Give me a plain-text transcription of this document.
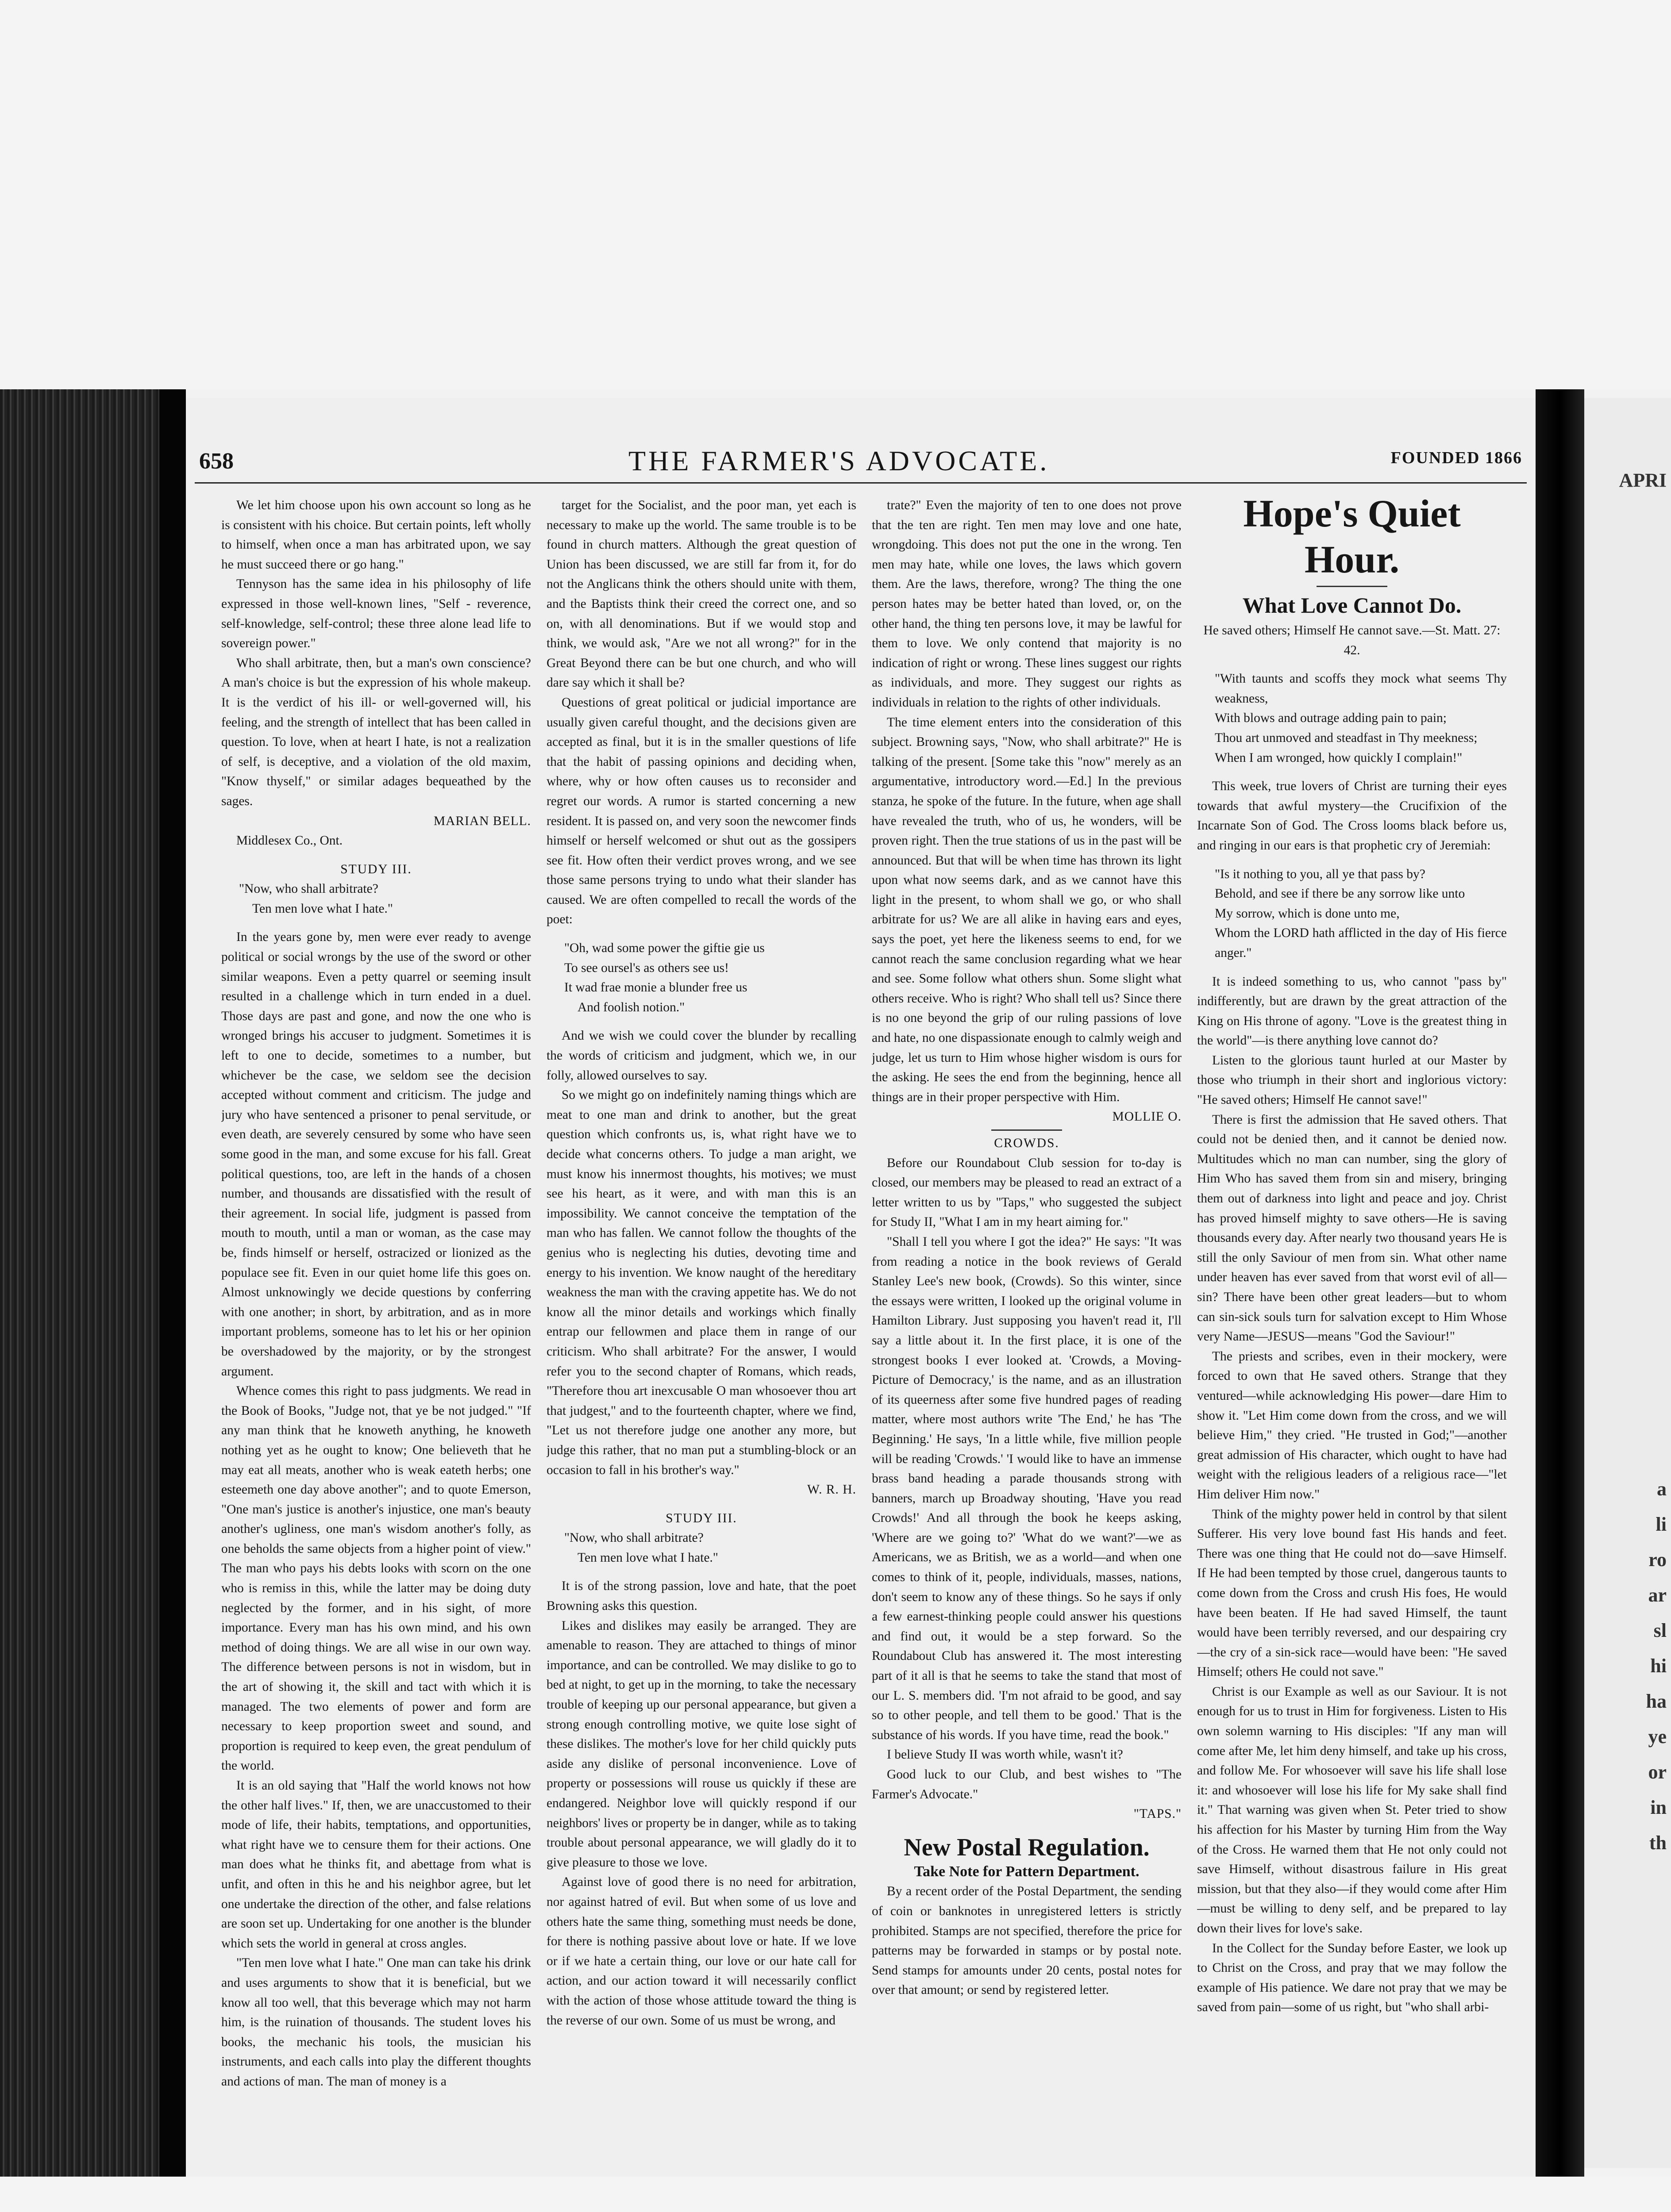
658	THE FARMER'S ADVOCATE.	FOUNDED 1866

We let him choose upon his own account so long as he is consistent with his choice. But certain points, left wholly to himself, when once a man has arbitrated upon, we say he must succeed there or go hang."

Tennyson has the same idea in his philosophy of life expressed in those well-known lines, "Self - reverence, self-knowledge, self-control; these three alone lead life to sovereign power."

Who shall arbitrate, then, but a man's own conscience? A man's choice is but the expression of his whole makeup. It is the verdict of his ill- or well-governed will, his feeling, and the strength of intellect that has been called in question. To love, when at heart I hate, is not a realization of self, is deceptive, and a violation of the old maxim, "Know thyself," or similar adages bequeathed by the sages.

MARIAN BELL.

Middlesex Co., Ont.

STUDY III.

"Now, who shall arbitrate?

Ten men love what I hate."

In the years gone by, men were ever ready to avenge political or social wrongs by the use of the sword or other similar weapons. Even a petty quarrel or seeming insult resulted in a challenge which in turn ended in a duel. Those days are past and gone, and now the one who is wronged brings his accuser to judgment. Sometimes it is left to one to decide, sometimes to a number, but whichever be the case, we seldom see the decision accepted without comment and criticism. The judge and jury who have sentenced a prisoner to penal servitude, or even death, are severely censured by some who have seen some good in the man, and some excuse for his fall. Great political questions, too, are left in the hands of a chosen number, and thousands are dissatisfied with the result of their agreement. In social life, judgment is passed from mouth to mouth, until a man or woman, as the case may be, finds himself or herself, ostracized or lionized as the populace see fit. Even in our quiet home life this goes on. Almost unknowingly we decide questions by conferring with one another; in short, by arbitration, and as in more important problems, someone has to let his or her opinion be overshadowed by the majority, or by the strongest argument.

Whence comes this right to pass judgments. We read in the Book of Books, "Judge not, that ye be not judged." "If any man think that he knoweth anything, he knoweth nothing yet as he ought to know; One believeth that he may eat all meats, another who is weak eateth herbs; one esteemeth one day above another"; and to quote Emerson, "One man's justice is another's injustice, one man's beauty another's ugliness, one man's wisdom another's folly, as one beholds the same objects from a higher point of view." The man who pays his debts looks with scorn on the one who is remiss in this, while the latter may be doing duty neglected by the former, and in his sight, of more importance. Every man has his own mind, and his own method of doing things. We are all wise in our own way. The difference between persons is not in wisdom, but in the art of showing it, the skill and tact with which it is managed. The two elements of power and form are necessary to keep proportion sweet and sound, and proportion is required to keep even, the great pendulum of the world.

It is an old saying that "Half the world knows not how the other half lives." If, then, we are unaccustomed to their mode of life, their habits, temptations, and opportunities, what right have we to censure them for their actions. One man does what he thinks fit, and abettage from what is unfit, and often in this he and his neighbor agree, but let one undertake the direction of the other, and false relations are soon set up. Undertaking for one another is the blunder which sets the world in general at cross angles.

"Ten men love what I hate." One man can take his drink and uses arguments to show that it is beneficial, but we know all too well, that this beverage which may not harm him, is the ruination of thousands. The student loves his books, the mechanic his tools, the musician his instruments, and each calls into play the different thoughts and actions of man. The man of money is a

target for the Socialist, and the poor man, yet each is necessary to make up the world. The same trouble is to be found in church matters. Although the great question of Union has been discussed, we are still far from it, for do not the Anglicans think the others should unite with them, and the Baptists think their creed the correct one, and so on, with all denominations. But if we would stop and think, we would ask, "Are we not all wrong?" for in the Great Beyond there can be but one church, and who will dare say which it shall be?

Questions of great political or judicial importance are usually given careful thought, and the decisions given are accepted as final, but it is in the smaller questions of life that the habit of passing opinions and deciding when, where, why or how often causes us to reconsider and regret our words. A rumor is started concerning a new resident. It is passed on, and very soon the newcomer finds himself or herself welcomed or shut out as the gossipers see fit. How often their verdict proves wrong, and we see those same persons trying to undo what their slander has caused. We are often compelled to recall the words of the poet:

"Oh, wad some power the giftie gie us

To see oursel's as others see us!

It wad frae monie a blunder free us

And foolish notion."

And we wish we could cover the blunder by recalling the words of criticism and judgment, which we, in our folly, allowed ourselves to say.

So we might go on indefinitely naming things which are meat to one man and drink to another, but the great question which confronts us, is, what right have we to decide what concerns others. To judge a man aright, we must know his innermost thoughts, his motives; we must see his heart, as it were, and with man this is an impossibility. We cannot conceive the temptation of the man who has fallen. We cannot follow the thoughts of the genius who is neglecting his duties, devoting time and energy to his invention. We know naught of the hereditary weakness the man with the craving appetite has. We do not know all the minor details and workings which finally entrap our fellowmen and place them in range of our criticism. Who shall arbitrate? For the answer, I would refer you to the second chapter of Romans, which reads, "Therefore thou art inexcusable O man whosoever thou art that judgest," and to the fourteenth chapter, where we find, "Let us not therefore judge one another any more, but judge this rather, that no man put a stumbling-block or an occasion to fall in his brother's way."

W. R. H.

STUDY III.

"Now, who shall arbitrate?

Ten men love what I hate."

It is of the strong passion, love and hate, that the poet Browning asks this question.

Likes and dislikes may easily be arranged. They are amenable to reason. They are attached to things of minor importance, and can be controlled. We may dislike to go to bed at night, to get up in the morning, to take the necessary trouble of keeping up our personal appearance, but given a strong enough controlling motive, we quite lose sight of these dislikes. The mother's love for her child quickly puts aside any dislike of personal inconvenience. Love of property or possessions will rouse us quickly if these are endangered. Neighbor love will quickly respond if our neighbors' lives or property be in danger, while as to taking trouble about personal appearance, we will gladly do it to give pleasure to those we love.

Against love of good there is no need for arbitration, nor against hatred of evil. But when some of us love and others hate the same thing, something must needs be done, for there is nothing passive about love or hate. If we love or if we hate a certain thing, our love or our hate call for action, and our action toward it will necessarily conflict with the action of those whose attitude toward the thing is the reverse of our own. Some of us must be wrong, and

trate?" Even the majority of ten to one does not prove that the ten are right. Ten men may love and one hate, wrongdoing. This does not put the one in the wrong. Ten men may hate, while one loves, the laws which govern them. Are the laws, therefore, wrong? The thing the one person hates may be better hated than loved, or, on the other hand, the thing ten persons love, it may be lawful for them to love. We only contend that majority is no indication of right or wrong. These lines suggest our rights as individuals, and more. They suggest our rights as individuals in relation to the rights of other individuals.

The time element enters into the consideration of this subject. Browning says, "Now, who shall arbitrate?" He is talking of the present. [Some take this "now" merely as an argumentative, introductory word.—Ed.] In the previous stanza, he spoke of the future. In the future, when age shall have revealed the truth, who of us, he wonders, will be proven right. Then the true stations of us in the past will be announced. But that will be when time has thrown its light upon what now seems dark, and as we cannot have this light in the present, to whom shall we go, or who shall arbitrate for us? We are all alike in having ears and eyes, says the poet, yet here the likeness seems to end, for we cannot reach the same conclusion regarding what we hear and see. Some follow what others shun. Some slight what others receive. Who is right? Who shall tell us? Since there is no one beyond the grip of our ruling passions of love and hate, no one dispassionate enough to calmly weigh and judge, let us turn to Him whose higher wisdom is ours for the asking. He sees the end from the beginning, hence all things are in their proper perspective with Him.

MOLLIE O.

CROWDS.

Before our Roundabout Club session for to-day is closed, our members may be pleased to read an extract of a letter written to us by "Taps," who suggested the subject for Study II, "What I am in my heart aiming for."

"Shall I tell you where I got the idea?" He says: "It was from reading a notice in the book reviews of Gerald Stanley Lee's new book, (Crowds). So this winter, since the essays were written, I looked up the original volume in Hamilton Library. Just supposing you haven't read it, I'll say a little about it. In the first place, it is one of the strongest books I ever looked at. 'Crowds, a Moving-Picture of Democracy,' is the name, and as an illustration of its queerness after some five hundred pages of reading matter, where most authors write 'The End,' he has 'The Beginning.' He says, 'In a little while, five million people will be reading 'Crowds.' 'I would like to have an immense brass band heading a parade thousands strong with banners, march up Broadway shouting, 'Have you read Crowds!' And all through the book he keeps asking, 'Where are we going to?' 'What do we want?'—we as Americans, we as British, we as a world—and when one comes to think of it, people, individuals, masses, nations, don't seem to know any of these things. So he says if only a few earnest-thinking people could answer his questions and find out, it would be a step forward. So the Roundabout Club has answered it. The most interesting part of it all is that he seems to take the stand that most of our L. S. members did. 'I'm not afraid to be good, and say so to other people, and tell them to be good.' That is the substance of his words. If you have time, read the book."

I believe Study II was worth while, wasn't it?

Good luck to our Club, and best wishes to "The Farmer's Advocate."

"TAPS."

New Postal Regulation.

Take Note for Pattern Department.

By a recent order of the Postal Department, the sending of coin or banknotes in unregistered letters is strictly prohibited. Stamps are not specified, therefore the price for patterns may be forwarded in stamps or by postal note. Send stamps for amounts under 20 cents, postal notes for over that amount; or send by registered letter.

Hope's Quiet Hour.

What Love Cannot Do.

He saved others; Himself He cannot save.—St. Matt. 27: 42.

"With taunts and scoffs they mock what seems Thy weakness,

With blows and outrage adding pain to pain;

Thou art unmoved and steadfast in Thy meekness;

When I am wronged, how quickly I complain!"

This week, true lovers of Christ are turning their eyes towards that awful mystery—the Crucifixion of the Incarnate Son of God. The Cross looms black before us, and ringing in our ears is that prophetic cry of Jeremiah:

"Is it nothing to you, all ye that pass by?

Behold, and see if there be any sorrow like unto

My sorrow, which is done unto me,

Whom the LORD hath afflicted in the day of His fierce anger."

It is indeed something to us, who cannot "pass by" indifferently, but are drawn by the great attraction of the King on His throne of agony. "Love is the greatest thing in the world"—is there anything love cannot do?

Listen to the glorious taunt hurled at our Master by those who triumph in their short and inglorious victory: "He saved others; Himself He cannot save!"

There is first the admission that He saved others. That could not be denied then, and it cannot be denied now. Multitudes which no man can number, sing the glory of Him Who has saved them from sin and misery, bringing them out of darkness into light and peace and joy. Christ has proved himself mighty to save others—He is saving thousands every day. After nearly two thousand years He is still the only Saviour of men from sin. What other name under heaven has ever saved from that worst evil of all—sin? There have been other great leaders—but to whom can sin-sick souls turn for salvation except to Him Whose very Name—JESUS—means "God the Saviour!"

The priests and scribes, even in their mockery, were forced to own that He saved others. Strange that they ventured—while acknowledging His power—dare Him to show it. "Let Him come down from the cross, and we will believe Him," they cried. "He trusted in God;"—another great admission of His character, which ought to have had weight with the religious leaders of a religious race—"let Him deliver Him now."

Think of the mighty power held in control by that silent Sufferer. His very love bound fast His hands and feet. There was one thing that He could not do—save Himself. If He had been tempted by those cruel, dangerous taunts to come down from the Cross and crush His foes, He would have been beaten. If He had saved Himself, the taunt would have been terribly reversed, and our despairing cry—the cry of a sin-sick race—would have been: "He saved Himself; others He could not save."

Christ is our Example as well as our Saviour. It is not enough for us to trust in Him for forgiveness. Listen to His own solemn warning to His disciples: "If any man will come after Me, let him deny himself, and take up his cross, and follow Me. For whosoever will save his life shall lose it: and whosoever will lose his life for My sake shall find it." That warning was given when St. Peter tried to show his affection for his Master by turning Him from the Way of the Cross. He warned them that He not only could not save Himself, without disastrous failure in His great mission, but that they also—if they would come after Him—must be willing to deny self, and be prepared to lay down their lives for love's sake.

In the Collect for the Sunday before Easter, we look up to Christ on the Cross, and pray that we may follow the example of His patience. We dare not pray that we may be saved from pain—some of us right, but "who shall arbi-

APRI
a
li
ro
ar
sl
hi
ha
ye
or
in
th
